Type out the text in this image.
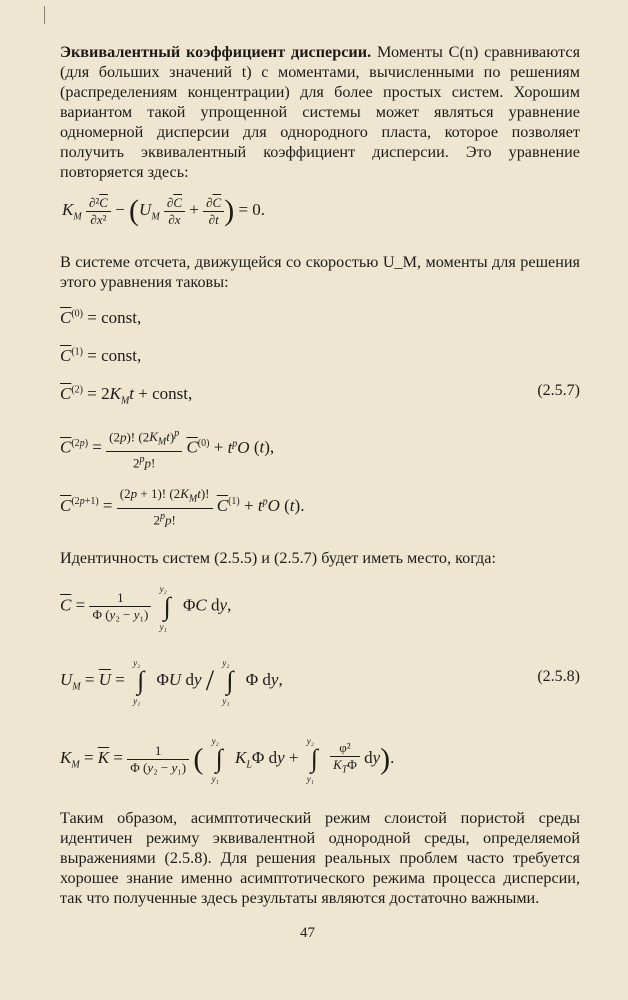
Эквивалентный коэффициент дисперсии. Моменты C(n) сравниваются (для больших значений t) с моментами, вычисленными по решениям (распределениям концентрации) для более простых систем. Хорошим вариантом такой упрощенной системы может являться уравнение одномерной дисперсии для однородного пласта, которое позволяет получить эквивалентный коэффициент дисперсии. Это уравнение повторяется здесь:

$K_M \frac{\partial^2\overline{C}}{\text{∂x²}} - (U_M \frac{\partial\overline{C}}{\partial x} + \frac{\partial\overline{C}}{\partial t}$ ) = 0.

В системе отсчета, движущейся со скоростью U_M, моменты для решения этого уравнения таковы:

$\overline{C}^{(0)}$ = const,
$\overline{C}^{(1)}$ = const,
$\overline{C}^{(2)} = 2K_Mt$ + const,	(2.5.7)
$\overline{C}^{(2p)} = \frac{(2p)! (2K_Mt)^p}{2^pp!} \overline{C}^{(0)} + t^pO$ (t),
$\overline{C}^{(2p+1)} = \frac{(2p + 1)! (2K_Mt)!}{2^pp!} \overline{C}^{(1)} + t^pO$ (t).

Идентичность систем (2.5.5) и (2.5.7) будет иметь место, когда:

$\overline{C} = \frac{1}{\overline{\Phi} (y_2 - y_1)}$ ∫
y₂
y₁
ΦC dy,
$U_M = \overline{U}$ = ∫
y₂
y₁
ΦU dy / ∫
y₂
y₁
Φ dy,	(2.5.8)
$K_M = \overline{K} = \frac{1}{\overline{\Phi} (y_2 - y_1)}$ ( ∫
y₂
y₁
$K_L\Phi$ dy + ∫
y₂
y₁

$\frac{\text{φ²}}{K_T\Phi} dy$).

Таким образом, асимптотический режим слоистой пористой среды идентичен режиму эквивалентной однородной среды, определяемой выражениями (2.5.8). Для решения реальных проблем часто требуется хорошее знание именно асимптотического режима процесса дисперсии, так что полученные здесь результаты являются достаточно важными.

47
